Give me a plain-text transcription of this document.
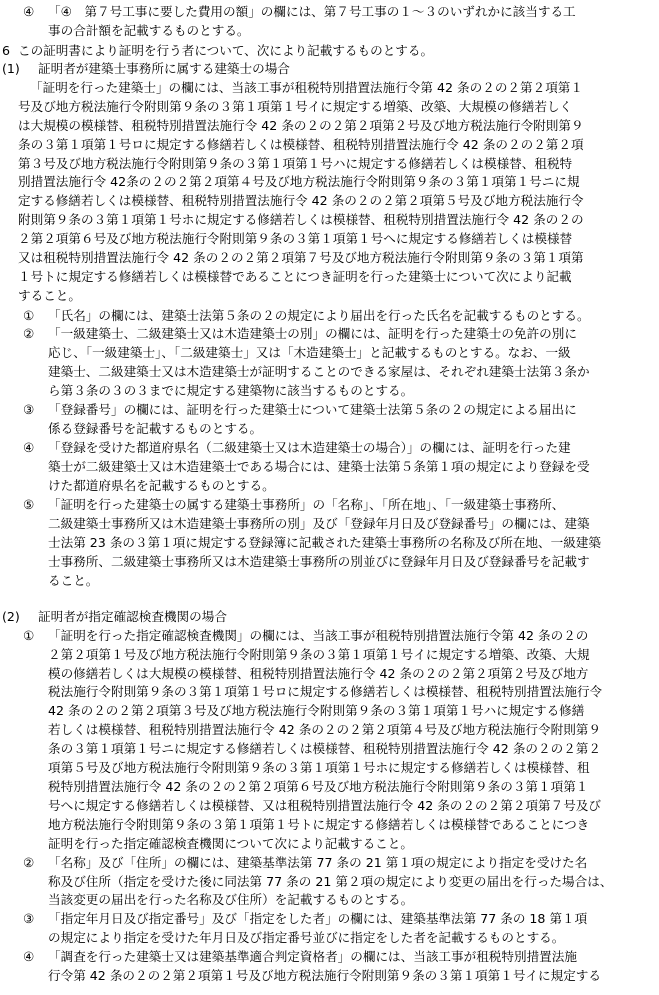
④	「④　第７号工事に要した費用の額」の欄には、第７号工事の１～３のいずれかに該当する工
事の合計額を記載するものとする。
6 この証明書により証明を行う者について、次により記載するものとする。
(1)	証明者が建築士事務所に属する建築士の場合
「証明を行った建築士」の欄には、当該工事が租税特別措置法施行令第 42 条の２の２第２項第１
号及び地方税法施行令附則第９条の３第１項第１号イに規定する増築、改築、大規模の修繕若しく
は大規模の模様替、租税特別措置法施行令 42 条の２の２第２項第２号及び地方税法施行令附則第９
条の３第１項第１号ロに規定する修繕若しくは模様替、租税特別措置法施行令 42 条の２の２第２項
第３号及び地方税法施行令附則第９条の３第１項第１号ハに規定する修繕若しくは模様替、租税特
別措置法施行令 42条の２の２第２項第４号及び地方税法施行令附則第９条の３第１項第１号ニに規
定する修繕若しくは模様替、租税特別措置法施行令 42 条の２の２第２項第５号及び地方税法施行令
附則第９条の３第１項第１号ホに規定する修繕若しくは模様替、租税特別措置法施行令 42 条の２の
２第２項第６号及び地方税法施行令附則第９条の３第１項第１号へに規定する修繕若しくは模様替
又は租税特別措置法施行令 42 条の２の２第２項第７号及び地方税法施行令附則第９条の３第１項第
１号トに規定する修繕若しくは模様替であることにつき証明を行った建築士について次により記載
すること。
①	「氏名」の欄には、建築士法第５条の２の規定により届出を行った氏名を記載するものとする。
②	「一級建築士、二級建築士又は木造建築士の別」の欄には、証明を行った建築士の免許の別に
応じ、「一級建築士」、「二級建築士」又は「木造建築士」と記載するものとする。なお、一級
建築士、二級建築士又は木造建築士が証明することのできる家屋は、それぞれ建築士法第３条か
ら第３条の３の３までに規定する建築物に該当するものとする。
③	「登録番号」の欄には、証明を行った建築士について建築士法第５条の２の規定による届出に
係る登録番号を記載するものとする。
④	「登録を受けた都道府県名（二級建築士又は木造建築士の場合）」の欄には、証明を行った建
築士が二級建築士又は木造建築士である場合には、建築士法第５条第１項の規定により登録を受
けた都道府県名を記載するものとする。
⑤	「証明を行った建築士の属する建築士事務所」の「名称」、「所在地」、「一級建築士事務所、
二級建築士事務所又は木造建築士事務所の別」及び「登録年月日及び登録番号」の欄には、建築
士法第 23 条の３第１項に規定する登録簿に記載された建築士事務所の名称及び所在地、一級建築
士事務所、二級建築士事務所又は木造建築士事務所の別並びに登録年月日及び登録番号を記載す
ること。
(2)	証明者が指定確認検査機関の場合
①	「証明を行った指定確認検査機関」の欄には、当該工事が租税特別措置法施行令第 42 条の２の
２第２項第１号及び地方税法施行令附則第９条の３第１項第１号イに規定する増築、改築、大規
模の修繕若しくは大規模の模様替、租税特別措置法施行令 42 条の２の２第２項第２号及び地方
税法施行令附則第９条の３第１項第１号ロに規定する修繕若しくは模様替、租税特別措置法施行令
42 条の２の２第２項第３号及び地方税法施行令附則第９条の３第１項第１号ハに規定する修繕
若しくは模様替、租税特別措置法施行令 42 条の２の２第２項第４号及び地方税法施行令附則第９
条の３第１項第１号ニに規定する修繕若しくは模様替、租税特別措置法施行令 42 条の２の２第２
項第５号及び地方税法施行令附則第９条の３第１項第１号ホに規定する修繕若しくは模様替、租
税特別措置法施行令 42 条の２の２第２項第６号及び地方税法施行令附則第９条の３第１項第１
号へに規定する修繕若しくは模様替、又は租税特別措置法施行令 42 条の２の２第２項第７号及び
地方税法施行令附則第９条の３第１項第１号トに規定する修繕若しくは模様替であることにつき
証明を行った指定確認検査機関について次により記載すること。
②	「名称」及び「住所」の欄には、建築基準法第 77 条の 21 第１項の規定により指定を受けた名
称及び住所（指定を受けた後に同法第 77 条の 21 第２項の規定により変更の届出を行った場合は、
当該変更の届出を行った名称及び住所）を記載するものとする。
③	「指定年月日及び指定番号」及び「指定をした者」の欄には、建築基準法第 77 条の 18 第１項
の規定により指定を受けた年月日及び指定番号並びに指定をした者を記載するものとする。
④	「調査を行った建築士又は建築基準適合判定資格者」の欄には、当該工事が租税特別措置法施
行令第 42 条の２の２第２項第１号及び地方税法施行令附則第９条の３第１項第１号イに規定する
